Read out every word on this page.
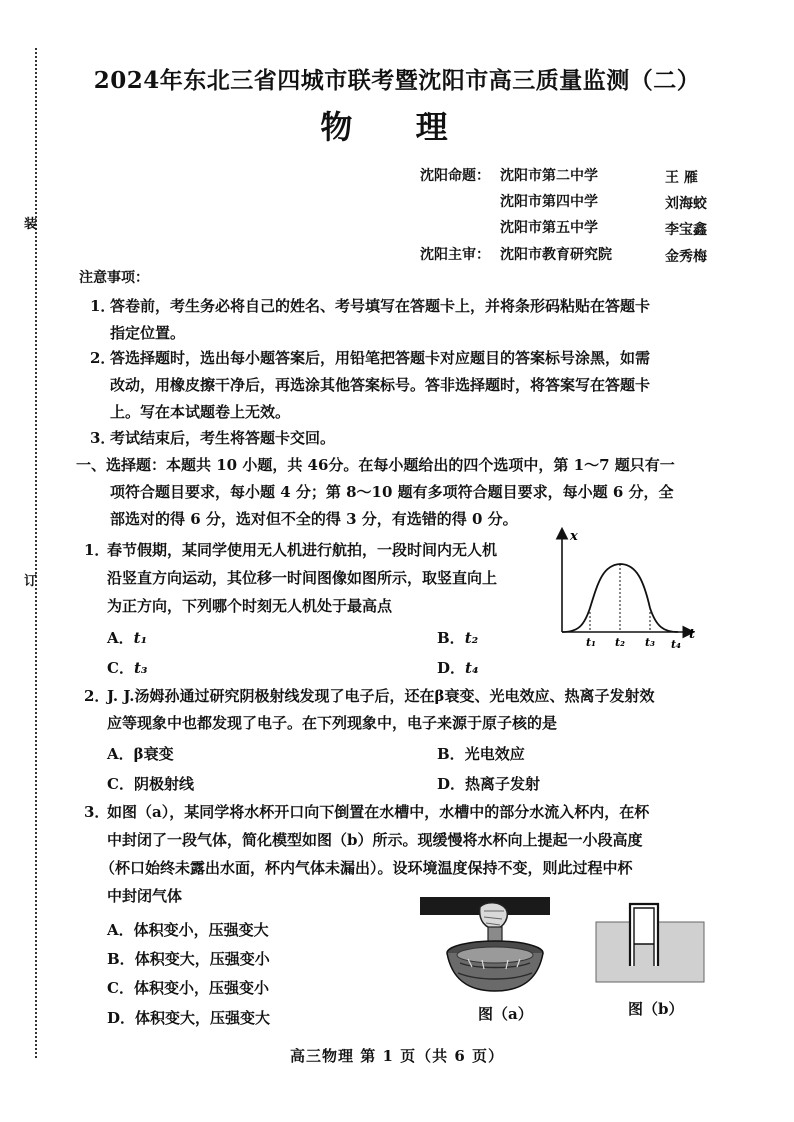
装
订
2024年东北三省四城市联考暨沈阳市高三质量监测（二）
物 理
沈阳命题： 沈阳市第二中学	王 雁
沈阳市第四中学	刘海蛟
沈阳市第五中学	李宝鑫
沈阳主审： 沈阳市教育研究院	金秀梅
注意事项：
1．
答卷前，考生务必将自己的姓名、考号填写在答题卡上，并将条形码粘贴在答题卡
指定位置。
2．
答选择题时，选出每小题答案后，用铅笔把答题卡对应题目的答案标号涂黑，如需
改动，用橡皮擦干净后，再选涂其他答案标号。答非选择题时，将答案写在答题卡
上。写在本试题卷上无效。
3．
考试结束后，考生将答题卡交回。
一、选择题：本题共 10 小题，共 46分。在每小题给出的四个选项中，第 1～7 题只有一
项符合题目要求，每小题 4 分；第 8～10 题有多项符合题目要求，每小题 6 分，全
部选对的得 6 分，选对但不全的得 3 分，有选错的得 0 分。
1．
春节假期，某同学使用无人机进行航拍，一段时间内无人机
沿竖直方向运动，其位移一时间图像如图所示，取竖直向上
为正方向，下列哪个时刻无人机处于最高点
A．t₁	B．t₂
C．t₃	D．t₄
x
t
t₁ t₂ t₃ t₄
2．
J. J.汤姆孙通过研究阴极射线发现了电子后，还在β衰变、光电效应、热离子发射效
应等现象中也都发现了电子。在下列现象中，电子来源于原子核的是
A．β衰变	B．光电效应
C．阴极射线	D．热离子发射
3．
如图（a），某同学将水杯开口向下倒置在水槽中，水槽中的部分水流入杯内，在杯
中封闭了一段气体，简化模型如图（b）所示。现缓慢将水杯向上提起一小段高度
（杯口始终未露出水面，杯内气体未漏出）。设环境温度保持不变，则此过程中杯
中封闭气体
A．体积变小，压强变大
B．体积变大，压强变小
C．体积变小，压强变小
D．体积变大，压强变大	图（a）	图（b）
高三物理 第 1 页（共 6 页）
